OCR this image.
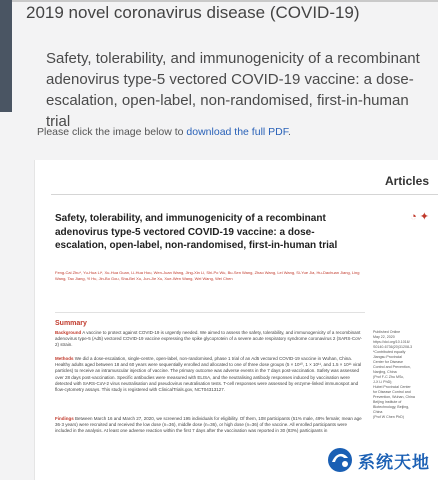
2019 novel coronavirus disease (COVID-19)
Safety, tolerability, and immunogenicity of a recombinant adenovirus type-5 vectored COVID-19 vaccine: a dose-escalation, open-label, non-randomised, first-in-human trial
Please click the image below to download the full PDF.
Articles
Safety, tolerability, and immunogenicity of a recombinant adenovirus type-5 vectored COVID-19 vaccine: a dose-escalation, open-label, non-randomised, first-in-human trial
◔ ✦
Feng-Cai Zhu*, Yu-Hua Li*, Xu-Hua Guan, Li-Hua Hou, Wen-Juan Wang, Jing-Xin Li, Shi-Po Wu, Bu-Sen Wang, Zhao Wang, Lei Wang, Si-Yue Jia, Hu-Dachuan Jiang, Ling Wang, Tao Jiang, Yi Hu, Jin-Bo Gou, Sha-Bei Xu, Jun-Jie Xu, Xue-Wen Wang, Wei Wang, Wei Chen
Summary
Background A vaccine to protect against COVID-19 is urgently needed. We aimed to assess the safety, tolerability, and immunogenicity of a recombinant adenovirus type-5 (Ad5) vectored COVID-19 vaccine expressing the spike glycoprotein of a severe acute respiratory syndrome coronavirus 2 (SARS-CoV-2) strain.
Methods We did a dose-escalation, single-centre, open-label, non-randomised, phase 1 trial of an Ad5 vectored COVID-19 vaccine in Wuhan, China. Healthy adults aged between 18 and 60 years were sequentially enrolled and allocated to one of three dose groups (5 × 10¹⁰, 1 × 10¹¹, and 1.5 × 10¹¹ viral particles) to receive an intramuscular injection of vaccine. The primary outcome was adverse events in the 7 days post-vaccination. Safety was assessed over 28 days post-vaccination. Specific antibodies were measured with ELISA, and the neutralising antibody responses induced by vaccination were detected with SARS-CoV-2 virus neutralisation and pseudovirus neutralisation tests. T-cell responses were assessed by enzyme-linked immunospot and flow-cytometry assays. This study is registered with ClinicalTrials.gov, NCT04313127.
Findings Between March 16 and March 27, 2020, we screened 195 individuals for eligibility. Of them, 108 participants (51% male, 49% female; mean age 36·3 years) were recruited and received the low dose (n=36), middle dose (n=36), or high dose (n=36) of the vaccine. All enrolled participants were included in the analysis. At least one adverse reaction within the first 7 days after the vaccination was reported in 30 (83%) participants in
Published Online
May 22, 2020
https://doi.org/10.1016/
S0140-6736(20)31208-3
*Contributed equally
Jiangsu Provincial
Center for Disease
Control and Prevention,
Nanjing, China
(Prof F-C Zhu MSc,
J-X Li PhD);
Hubei Provincial Center
for Disease Control and
Prevention, Wuhan, China
Beijing Institute of
Biotechnology, Beijing,
China
(Prof W Chen PhD)
系统天地
